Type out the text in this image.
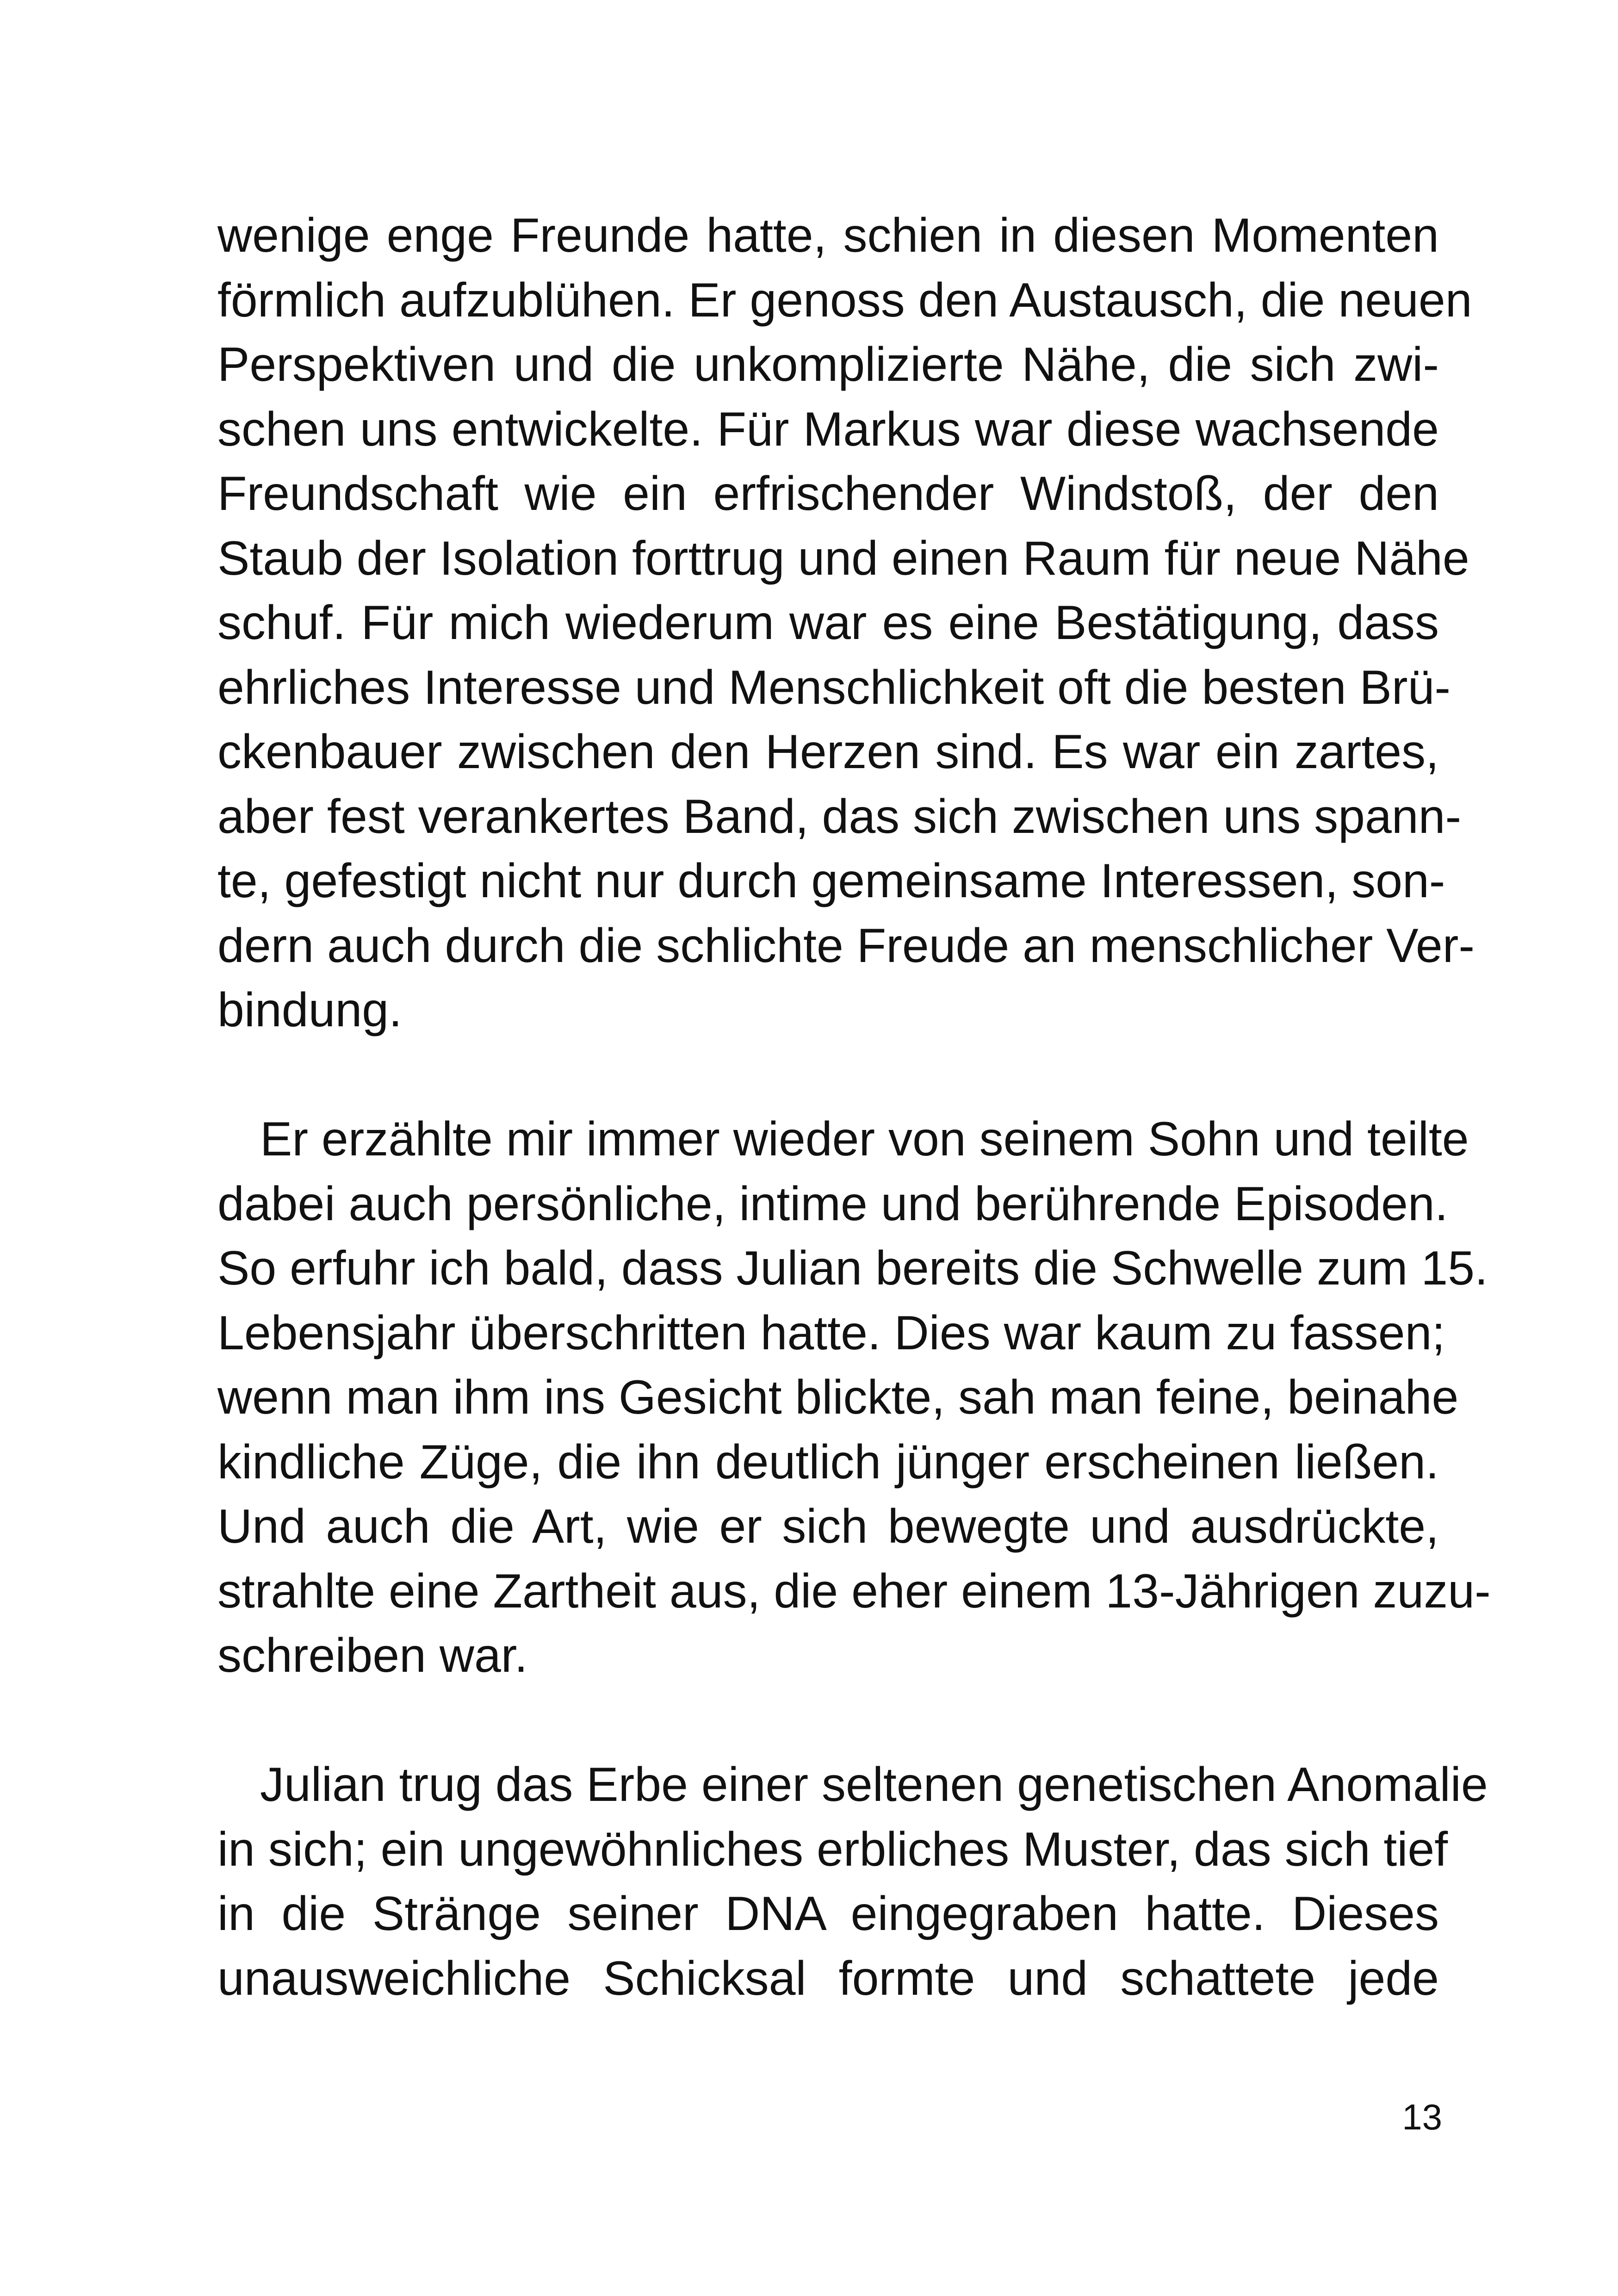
wenige enge Freunde hatte, schien in diesen Momenten
förmlich aufzublühen. Er genoss den Austausch, die neuen
Perspektiven und die unkomplizierte Nähe, die sich zwi-
schen uns entwickelte. Für Markus war diese wachsende
Freundschaft wie ein erfrischender Windstoß, der den
Staub der Isolation forttrug und einen Raum für neue Nähe
schuf. Für mich wiederum war es eine Bestätigung, dass
ehrliches Interesse und Menschlichkeit oft die besten Brü-
ckenbauer zwischen den Herzen sind. Es war ein zartes,
aber fest verankertes Band, das sich zwischen uns spann-
te, gefestigt nicht nur durch gemeinsame Interessen, son-
dern auch durch die schlichte Freude an menschlicher Ver-
bindung.

Er erzählte mir immer wieder von seinem Sohn und teilte
dabei auch persönliche, intime und berührende Episoden.
So erfuhr ich bald, dass Julian bereits die Schwelle zum 15.
Lebensjahr überschritten hatte. Dies war kaum zu fassen;
wenn man ihm ins Gesicht blickte, sah man feine, beinahe
kindliche Züge, die ihn deutlich jünger erscheinen ließen.
Und auch die Art, wie er sich bewegte und ausdrückte,
strahlte eine Zartheit aus, die eher einem 13-Jährigen zuzu-
schreiben war.

Julian trug das Erbe einer seltenen genetischen Anomalie
in sich; ein ungewöhnliches erbliches Muster, das sich tief
in die Stränge seiner DNA eingegraben hatte. Dieses
unausweichliche Schicksal formte und schattete jede

13
